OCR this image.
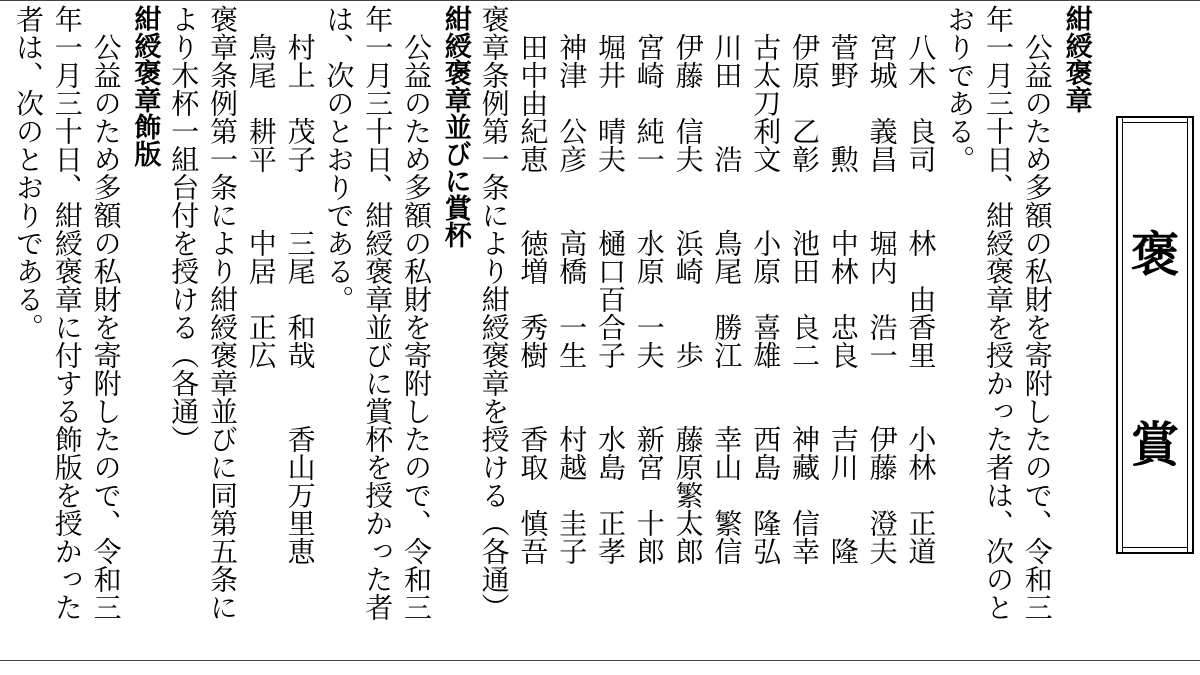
褒
賞
紺綬褒章
　公益のため多額の私財を寄附したので、令和三
年一月三十日、紺綬褒章を授かった者は、次のと
おりである。
　八木　良司　　林　由香里　　小林　正道
　宮城　義昌　　堀内　浩一　　伊藤　澄夫
　菅野　　勲　　中林　忠良　　吉川　　隆
　伊原　乙彰　　池田　良二　　神藏　信幸
　古太刀利文　　小原　喜雄　　西島　隆弘
　川田　　浩　　鳥尾　勝江　　幸山　繁信
　伊藤　信夫　　浜崎　　歩　　藤原繁太郎
　宮崎　純一　　水原　一夫　　新宮　十郎
　堀井　晴夫　　樋口百合子　　水島　正孝
　神津　公彦　　高橋　一生　　村越　圭子
　田中由紀恵　　徳増　秀樹　　香取　慎吾
褒章条例第一条により紺綬褒章を授ける（各通）
紺綬褒章並びに賞杯
　公益のため多額の私財を寄附したので、令和三
年一月三十日、紺綬褒章並びに賞杯を授かった者
は、次のとおりである。
　村上　茂子　　三尾　和哉　　香山万里恵
　鳥尾　耕平　　中居　正広
褒章条例第一条により紺綬褒章並びに同第五条に
より木杯一組台付を授ける（各通）
紺綬褒章飾版
　公益のため多額の私財を寄附したので、令和三
年一月三十日、紺綬褒章に付する飾版を授かった
者は、次のとおりである。
